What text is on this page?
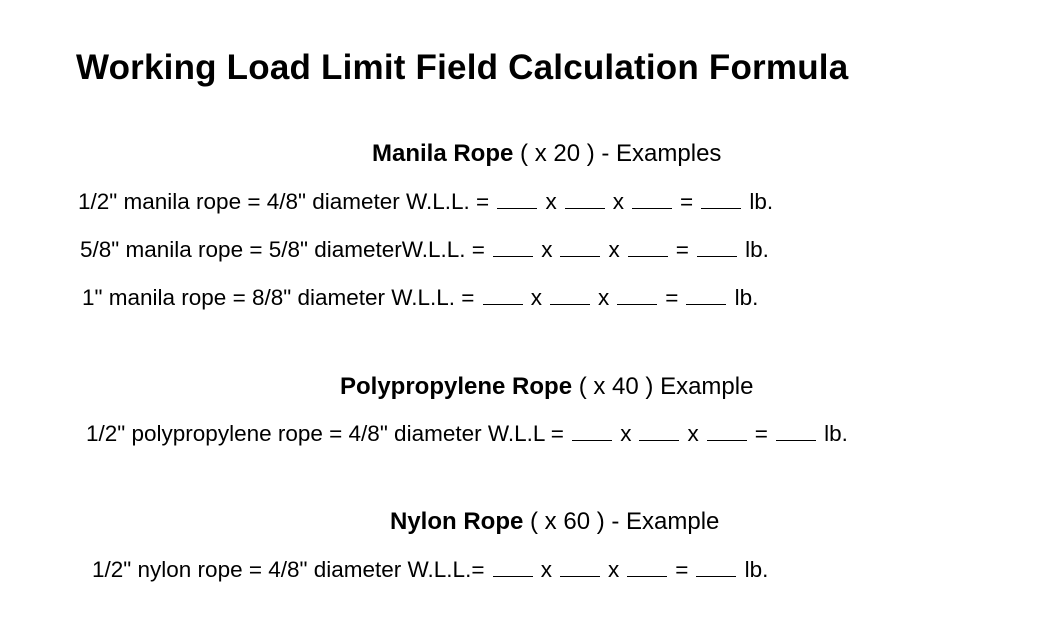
Working Load Limit Field Calculation Formula
Manila Rope ( x 20 ) - Examples
1/2" manila rope = 4/8" diameter W.L.L. =	x x =	lb.
5/8" manila rope = 5/8" diameterW.L.L. =	x x =	lb.
1" manila rope = 8/8" diameter W.L.L. =	x x =	lb.
Polypropylene Rope ( x 40 ) Example
1/2" polypropylene rope = 4/8" diameter W.L.L =	x x =	lb.
Nylon Rope ( x 60 ) - Example
1/2" nylon rope = 4/8" diameter W.L.L.=	x x =	lb.
